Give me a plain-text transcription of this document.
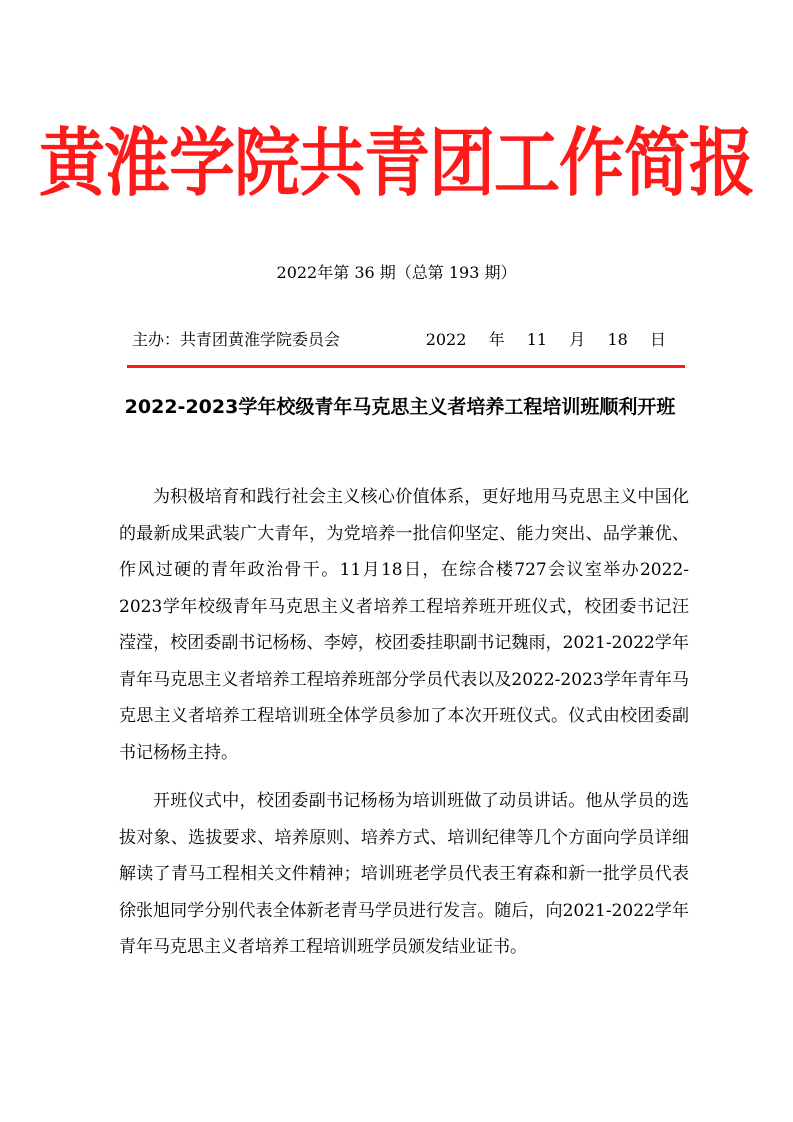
黄淮学院共青团工作简报
2022年第 36 期（总第 193 期）
主办：共青团黄淮学院委员会	2022  年  11  月  18  日
2022-2023学年校级青年马克思主义者培养工程培训班顺利开班

为积极培育和践行社会主义核心价值体系，更好地用马克思主义中国化的最新成果武装广大青年，为党培养一批信仰坚定、能力突出、品学兼优、作风过硬的青年政治骨干。11月18日，在综合楼727会议室举办2022-2023学年校级青年马克思主义者培养工程培养班开班仪式，校团委书记汪滢滢，校团委副书记杨杨、李婷，校团委挂职副书记魏雨，2021-2022学年青年马克思主义者培养工程培养班部分学员代表以及2022-2023学年青年马克思主义者培养工程培训班全体学员参加了本次开班仪式。仪式由校团委副书记杨杨主持。

开班仪式中，校团委副书记杨杨为培训班做了动员讲话。他从学员的选拔对象、选拔要求、培养原则、培养方式、培训纪律等几个方面向学员详细解读了青马工程相关文件精神；培训班老学员代表王宥森和新一批学员代表徐张旭同学分别代表全体新老青马学员进行发言。随后，向2021-2022学年青年马克思主义者培养工程培训班学员颁发结业证书。
